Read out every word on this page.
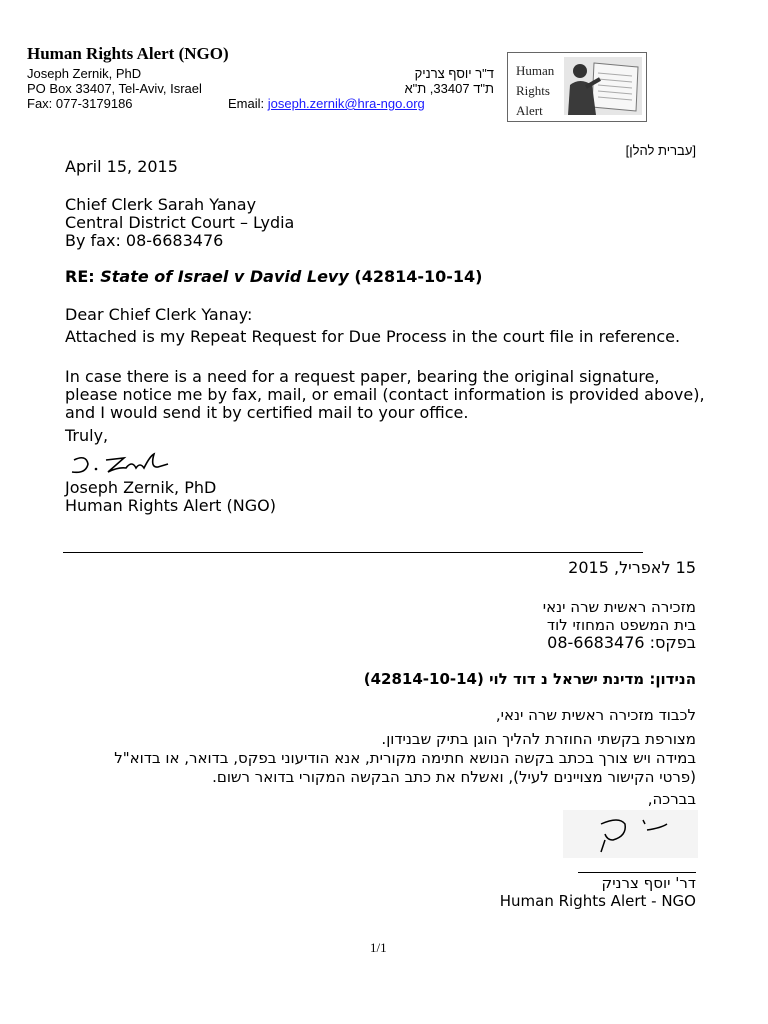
Human Rights Alert (NGO)
Joseph Zernik, PhD
PO Box 33407, Tel-Aviv, Israel
Fax: 077-3179186	Email: joseph.zernik@hra-ngo.org
ד"ר יוסף צרניק
ת"ד 33407, ת"א
Human
Rights
Alert
[עברית להלן]
April 15, 2015
Chief Clerk Sarah Yanay
Central District Court – Lydia
By fax: 08-6683476
RE: State of Israel v David Levy (42814-10-14)
Dear Chief Clerk Yanay:
Attached is my Repeat Request for Due Process in the court file in reference.
In case there is a need for a request paper, bearing the original signature, please notice me by fax, mail, or email (contact information is provided above), and I would send it by certified mail to your office.
Truly,
Joseph Zernik, PhD
Human Rights Alert (NGO)
15 לאפריל, 2015
מזכירה ראשית שרה ינאי
בית המשפט המחוזי לוד
בפקס: 08-6683476
הנידון: מדינת ישראל נ דוד לוי (42814-10-14)
לכבוד מזכירה ראשית שרה ינאי,
מצורפת בקשתי החוזרת להליך הוגן בתיק שבנידון.
במידה ויש צורך בכתב בקשה הנושא חתימה מקורית, אנא הודיעוני בפקס, בדואר, או בדוא"ל (פרטי הקישור מצויינים לעיל), ואשלח את כתב הבקשה המקורי בדואר רשום.
בברכה,
דר' יוסף צרניק
Human Rights Alert - NGO
1/1
